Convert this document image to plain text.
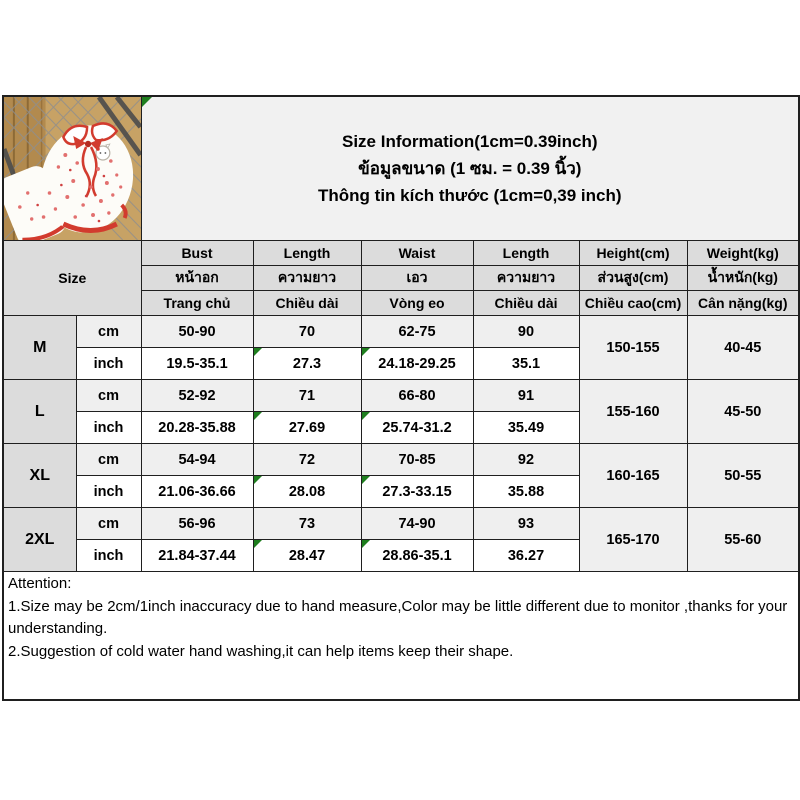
Size Information(1cm=0.39inch)
ข้อมูลขนาด (1 ซม. = 0.39 นิ้ว)
Thông tin kích thước (1cm=0,39 inch)					

Size		Bust	Length	Waist	Length	Height(cm)	Weight(kg)
		หน้าอก	ความยาว	เอว	ความยาว	ส่วนสูง(cm)	น้ำหนัก(kg)
		Trang chủ	Chiều dài	Vòng eo	Chiều dài	Chiều cao(cm)	Cân nặng(kg)
M	cm	50-90	70	62-75	90	150-155	40-45
	inch	19.5-35.1	27.3	24.18-29.25	35.1		
L	cm	52-92	71	66-80	91	155-160	45-50
	inch	20.28-35.88	27.69	25.74-31.2	35.49		
XL	cm	54-94	72	70-85	92	160-165	50-55
	inch	21.06-36.66	28.08	27.3-33.15	35.88		
2XL	cm	56-96	73	74-90	93	165-170	55-60
	inch	21.84-37.44	28.47	28.86-35.1	36.27		

Attention:
1.Size may be 2cm/1inch inaccuracy due to hand measure,Color may be little different due to monitor ,thanks for your understanding.
2.Suggestion of cold water hand washing,it can help items keep their shape.							
